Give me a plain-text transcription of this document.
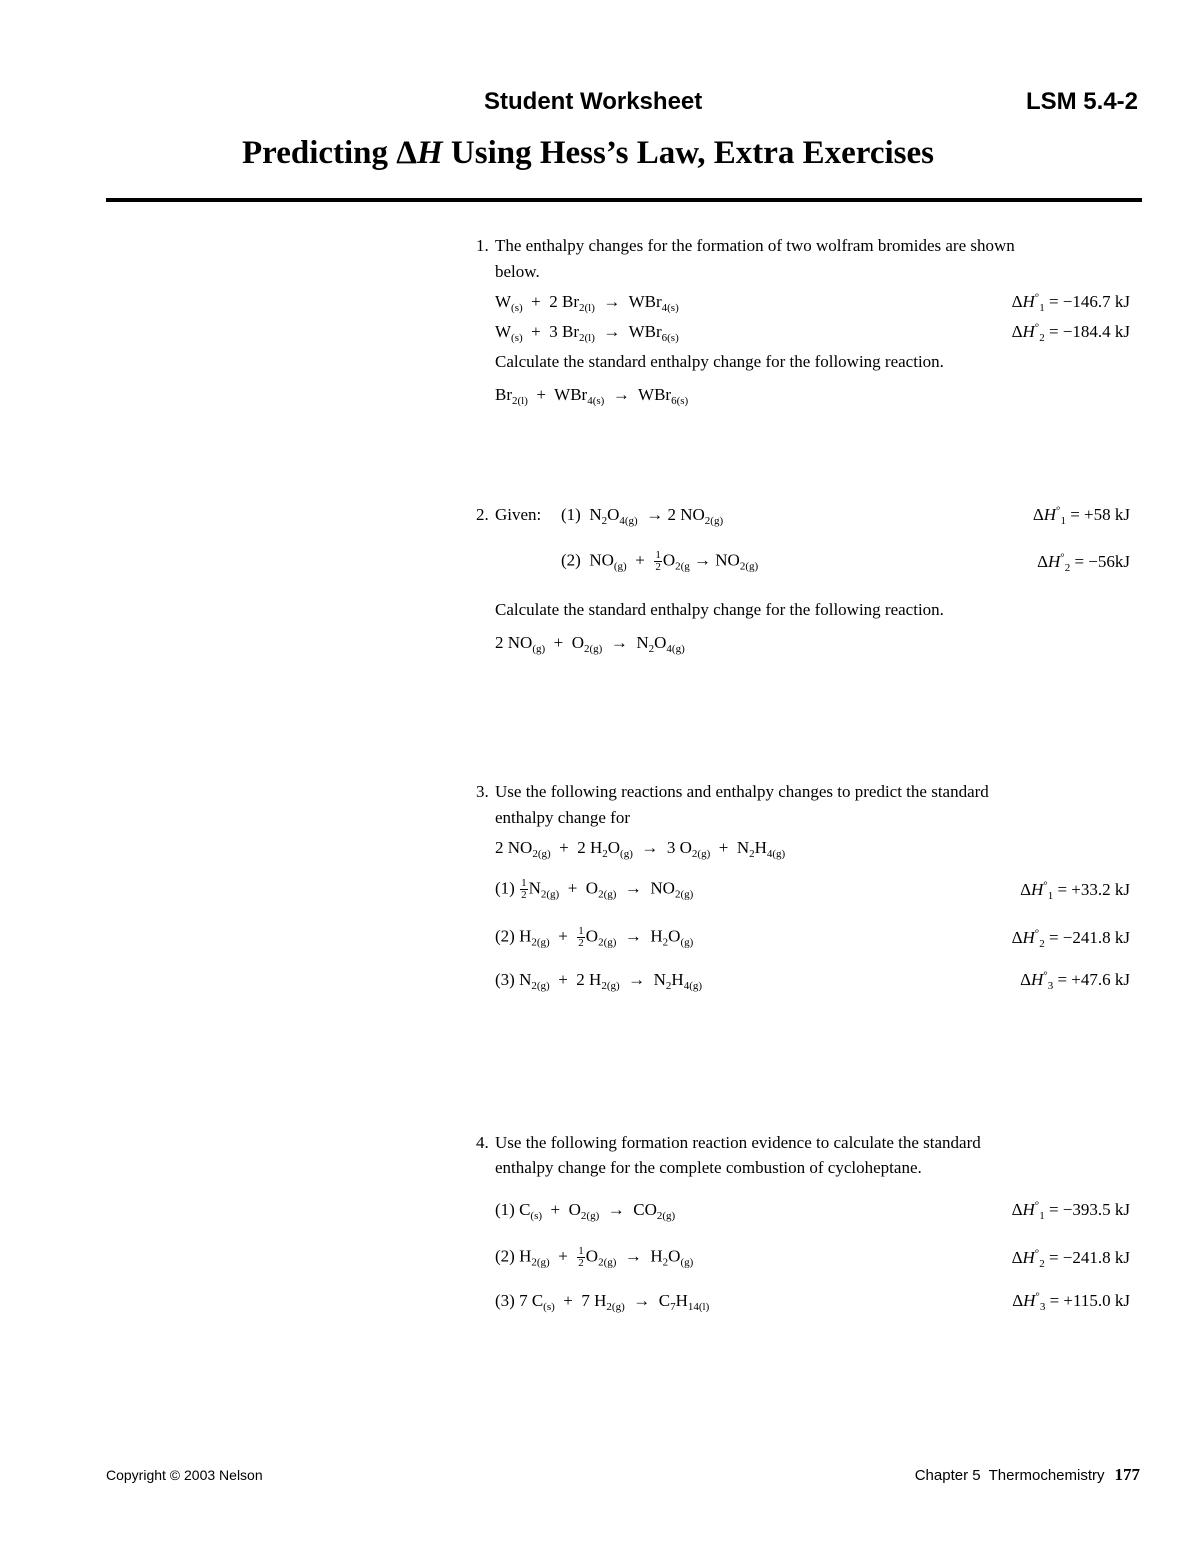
Student Worksheet	LSM 5.4-2
Predicting ΔH Using Hess’s Law, Extra Exercises
1. The enthalpy changes for the formation of two wolfram bromides are shown
below.
$W_{(s)} + 2$ $Br_{2(l)} \to WBr_{4(s)}$	$\Delta H^\circ_1 = -146.7$ kJ
$W_{(s)} + 3$ $Br_{2(l)} \to WBr_{6(s)}$	$\Delta H^\circ_2 = -184.4$ kJ
Calculate the standard enthalpy change for the following reaction.
$Br_{2(l)} + WBr_{4(s)} \to WBr_{6(s)}$
2. Given: (1)  $N_2O_{4(g)} \to 2$ $NO_{2(g)}$	$\Delta H^\circ_1 = +58$ kJ
(2)  $NO_{(g)} + \frac{1}{2} O_{2(g} \to NO_{2(g)}$	$\Delta H^\circ_2 = -56kJ$
Calculate the standard enthalpy change for the following reaction.
2 $NO_{(g)} + O_{2(g)} \to N_2O_{4(g)}$
3. Use the following reactions and enthalpy changes to predict the standard
enthalpy change for
2 $NO_{2(g)} + 2$ $H_2O_{(g)} \to 3$ $O_{2(g)} + N_2H_{4(g)}$
$(1) \frac{1}{2} N_{2(g)} + O_{2(g)} \to NO_{2(g)}$	$\Delta H^\circ_1 = +33.2$ kJ
(2) $H_{2(g)} + \frac{1}{2} O_{2(g)} \to H_2O_{(g)}$	$\Delta H^\circ_2 = -241.8$ kJ
(3) $N_{2(g)} + 2$ $H_{2(g)} \to N_2H_{4(g)}$	$\Delta H^\circ_3 = +47.6$ kJ
4. Use the following formation reaction evidence to calculate the standard
enthalpy change for the complete combustion of cycloheptane.
(1) $C_{(s)} + O_{2(g)} \to CO_{2(g)}$	$\Delta H^\circ_1 = -393.5$ kJ
(2) $H_{2(g)} + \frac{1}{2} O_{2(g)} \to H_2O_{(g)}$	$\Delta H^\circ_2 = -241.8$ kJ
(3) 7 $C_{(s)} + 7$ $H_{2(g)} \to C_7H_{14(l)}$	$\Delta H^\circ_3 = +115.0$ kJ
Copyright © 2003 Nelson	Chapter 5  Thermochemistry 177
